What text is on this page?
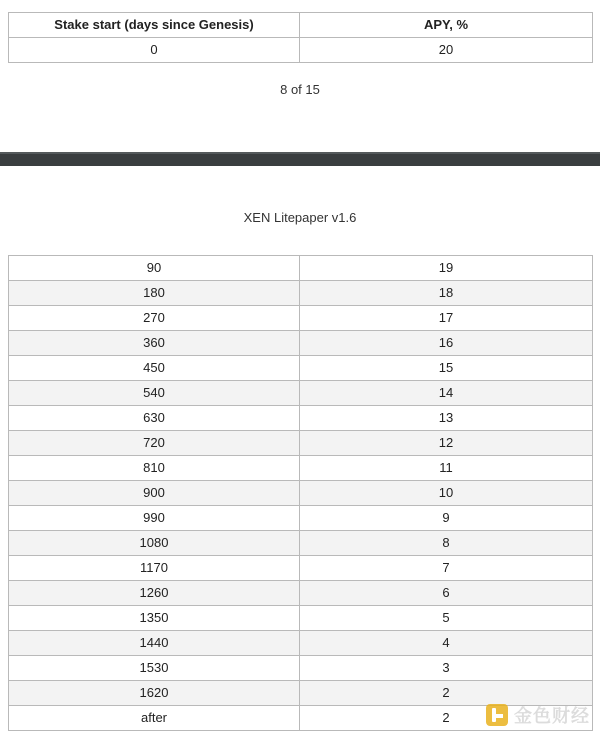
Stake start (days since Genesis)	APY, %
0	20
8 of 15
XEN Litepaper v1.6
90	19
180	18
270	17
360	16
450	15
540	14
630	13
720	12
810	11
900	10
990	9
1080	8
1170	7
1260	6
1350	5
1440	4
1530	3
1620	2
after	2	金色财经
